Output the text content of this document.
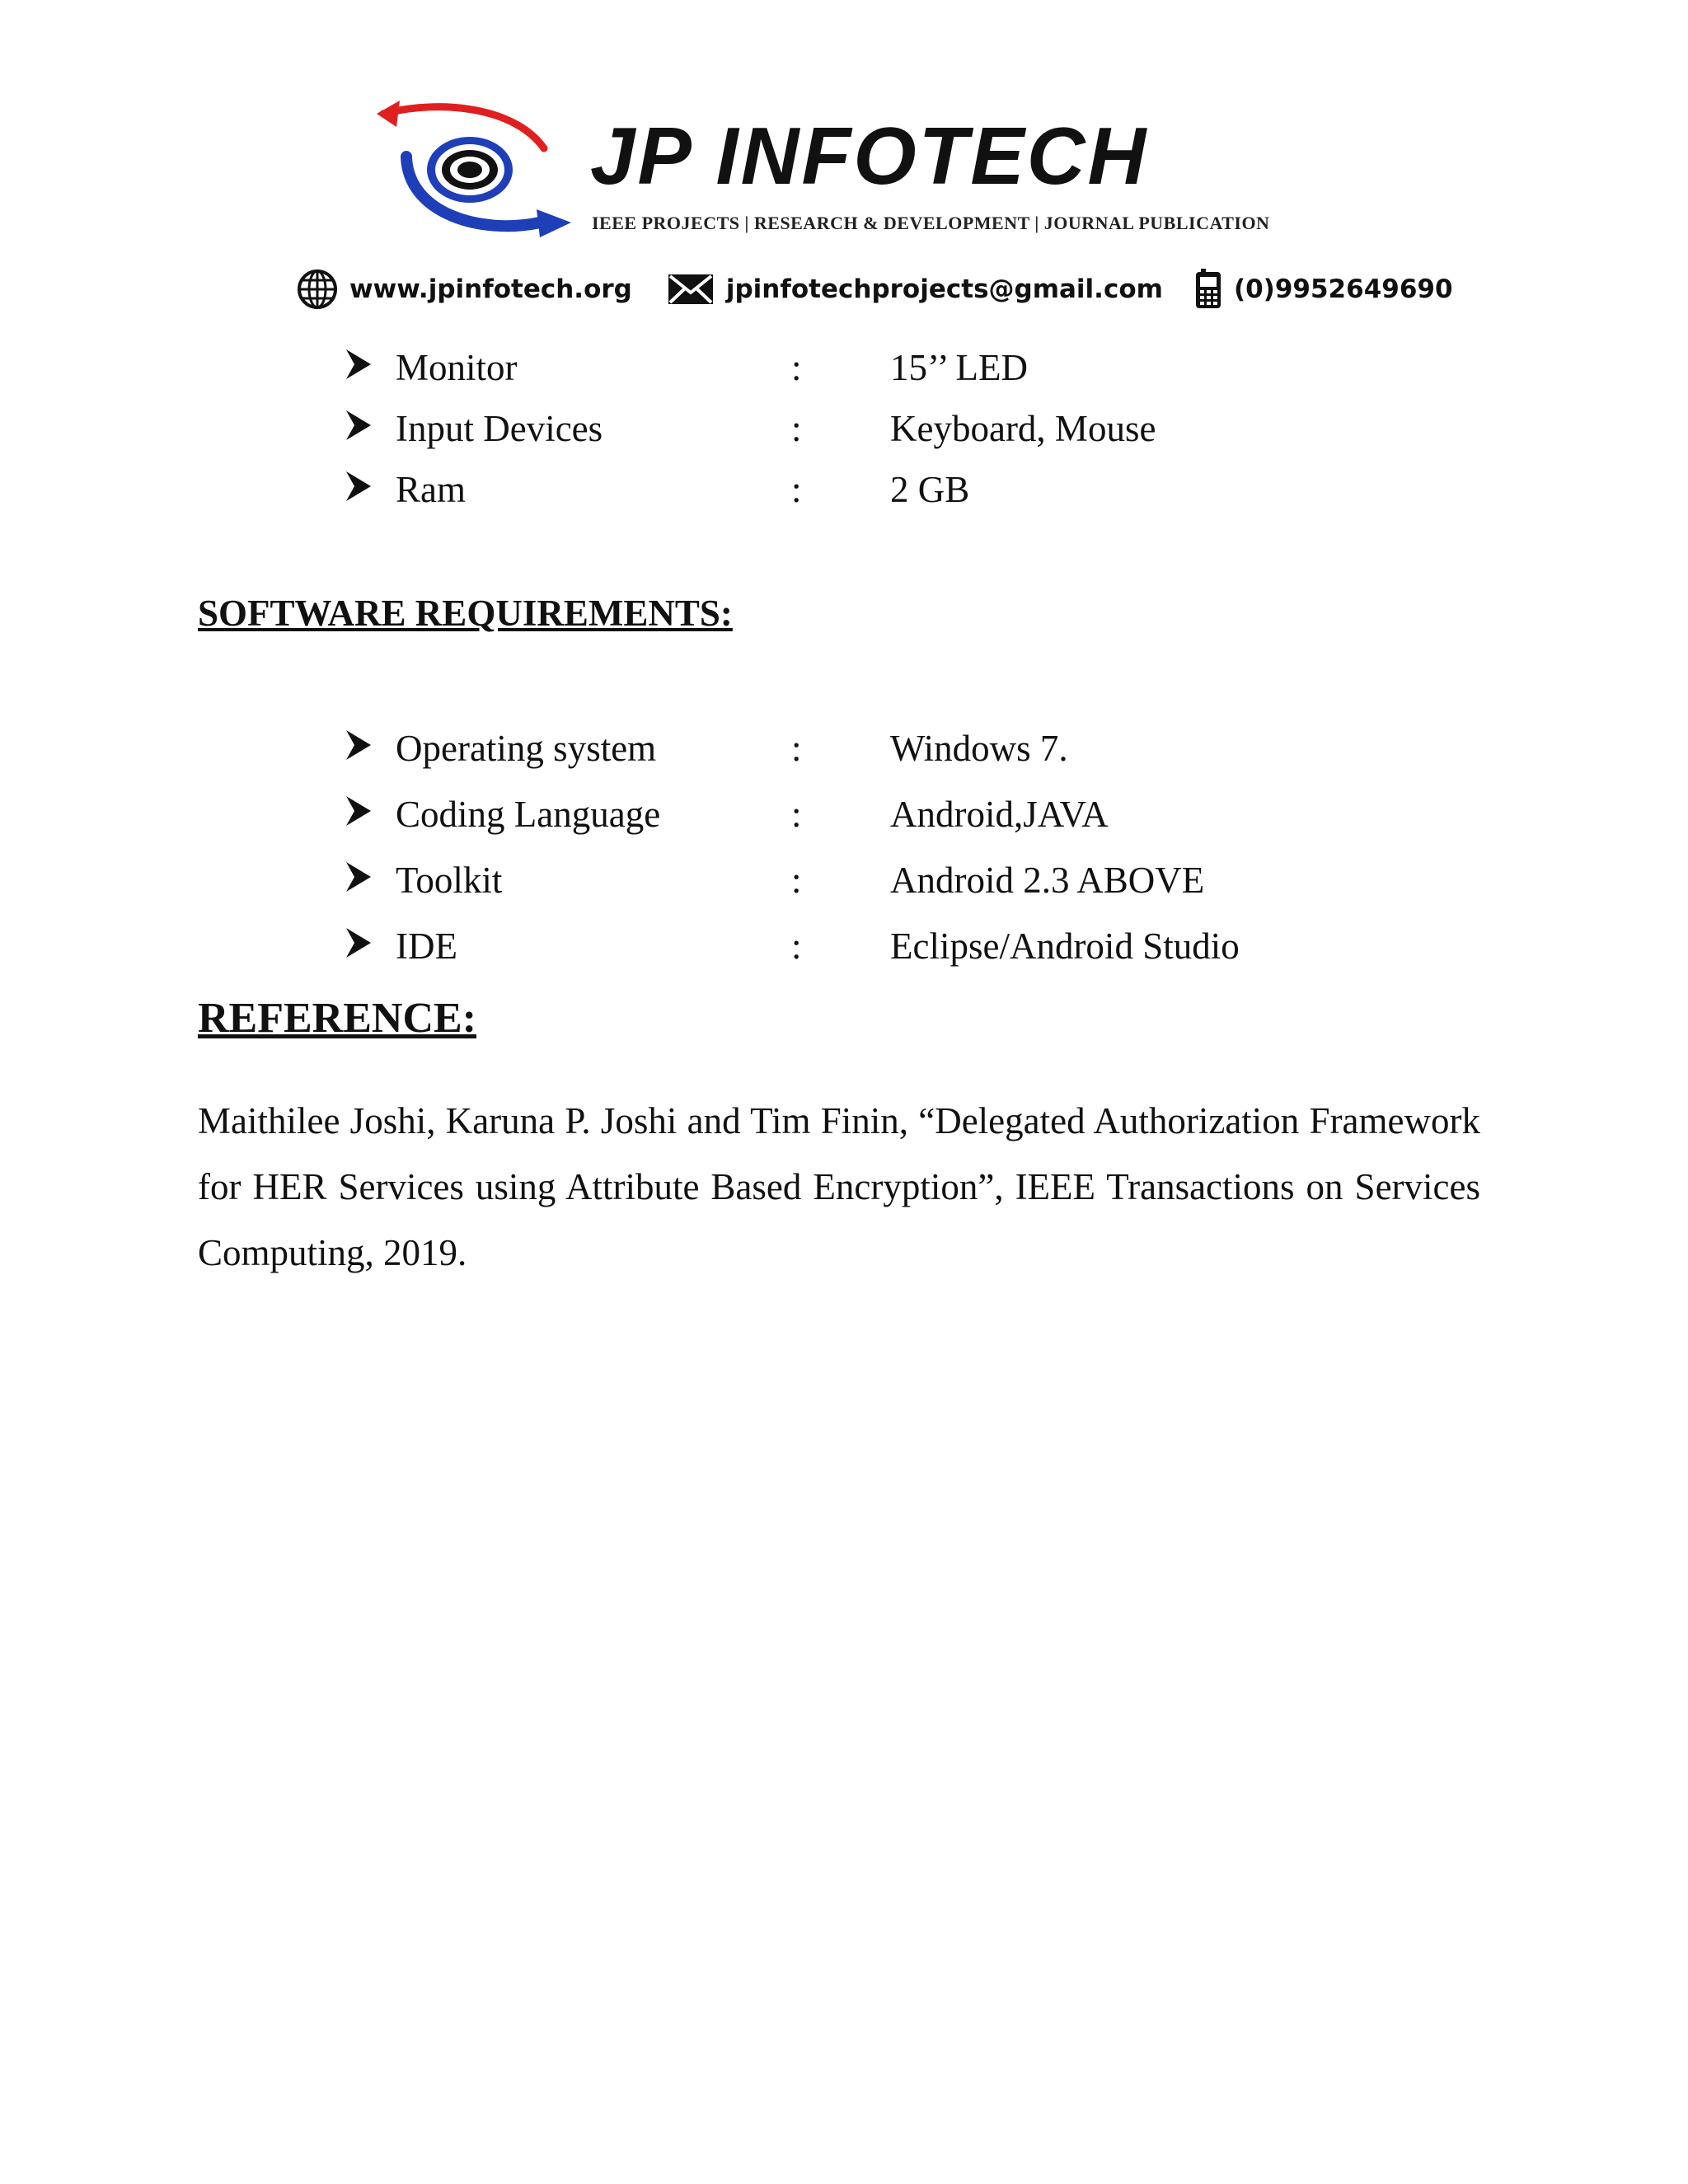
JP INFOTECH
IEEE PROJECTS | RESEARCH & DEVELOPMENT | JOURNAL PUBLICATION
www.jpinfotech.org	jpinfotechprojects@gmail.com	(0)9952649690
Monitor	: 15’’ LED
Input Devices	: Keyboard, Mouse
Ram	: 2 GB
SOFTWARE REQUIREMENTS:
Operating system	: Windows 7.
Coding Language	: Android,JAVA
Toolkit	: Android 2.3 ABOVE
IDE	: Eclipse/Android Studio
REFERENCE:

Maithilee Joshi, Karuna P. Joshi and Tim Finin, “Delegated Authorization Framework for HER Services using Attribute Based Encryption”, IEEE Transactions on Services Computing, 2019.
